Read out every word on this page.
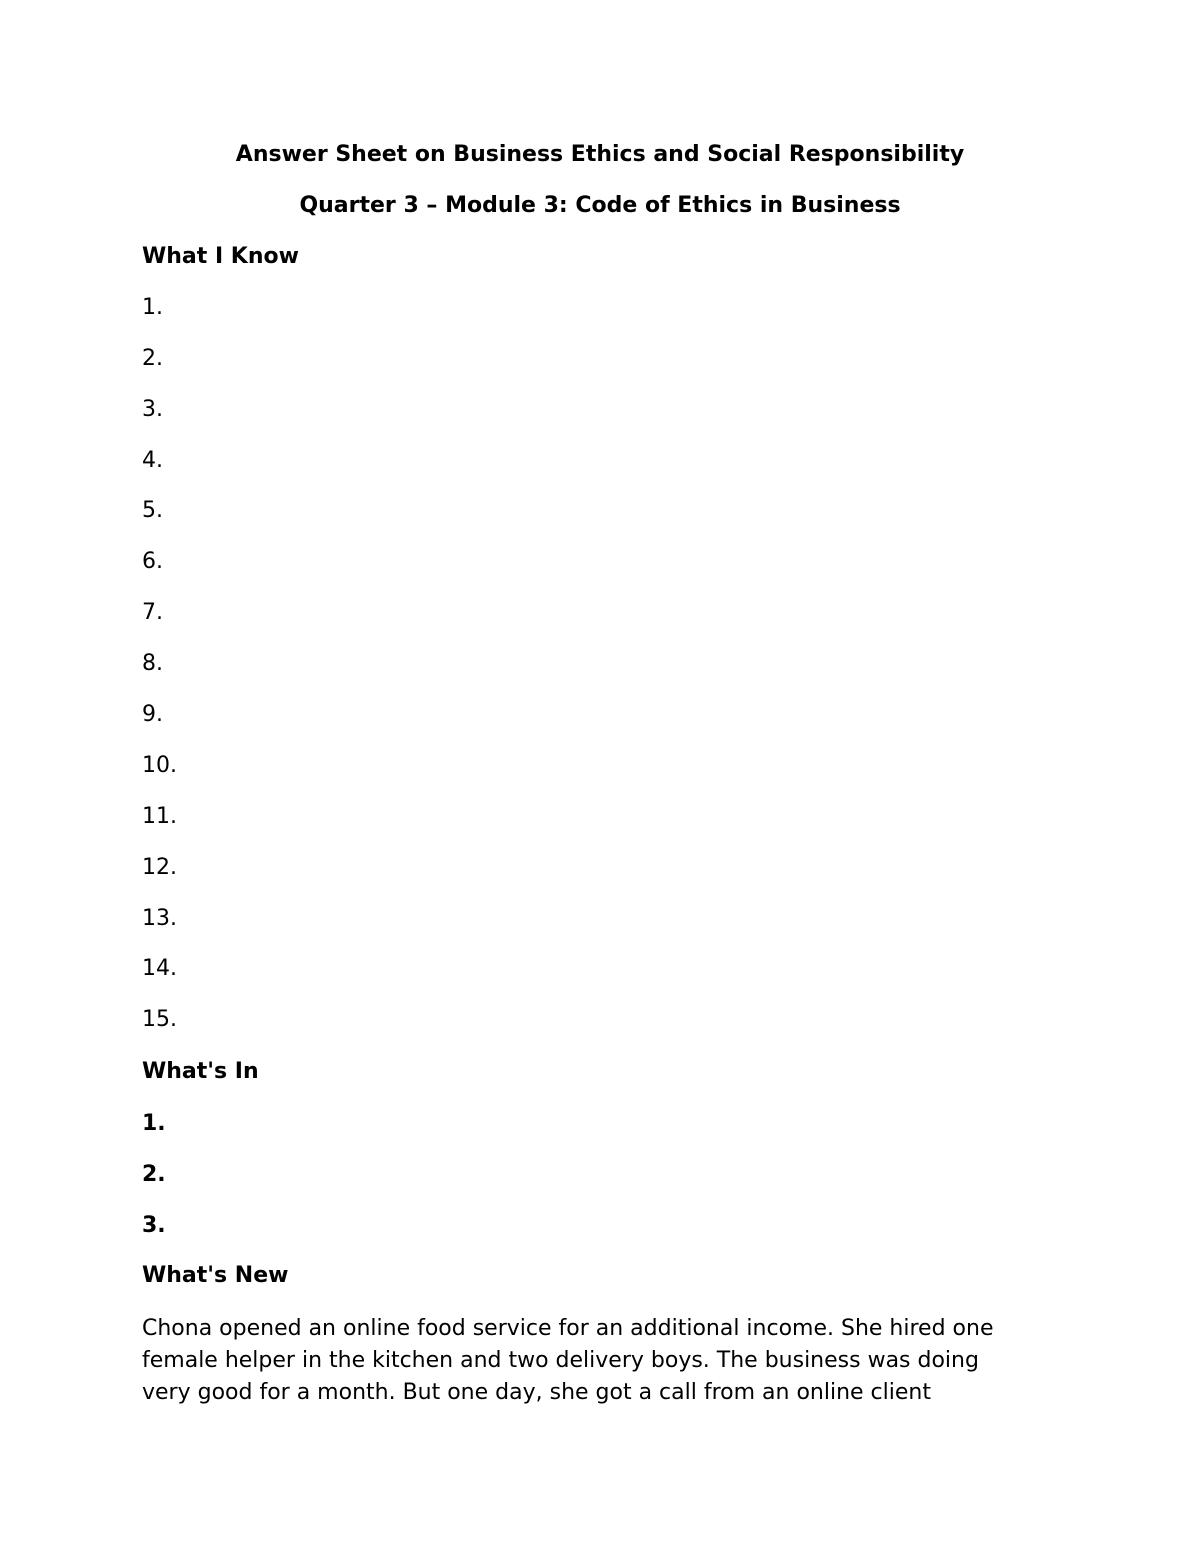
Answer Sheet on Business Ethics and Social Responsibility
Quarter 3 – Module 3: Code of Ethics in Business
What I Know
1.
2.
3.
4.
5.
6.
7.
8.
9.
10.
11.
12.
13.
14.
15.
What's In
1.
2.
3.
What's New
Chona opened an online food service for an additional income. She hired one
female helper in the kitchen and two delivery boys. The business was doing
very good for a month. But one day, she got a call from an online client
